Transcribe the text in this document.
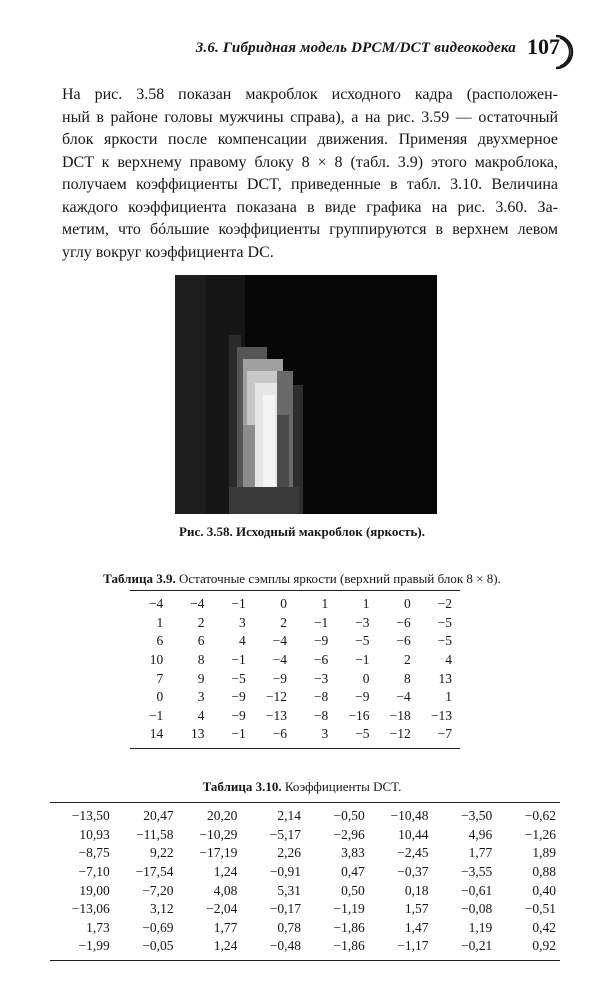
3.6. Гибридная модель DPCM/DCT видеокодека 107
На рис. 3.58 показан макроблок исходного кадра (расположен-
ный в районе головы мужчины справа), а на рис. 3.59 — остаточный
блок яркости после компенсации движения. Применяя двухмерное
DCT к верхнему правому блоку 8 × 8 (табл. 3.9) этого макроблока,
получаем коэффициенты DCT, приведенные в табл. 3.10. Величина
каждого коэффициента показана в виде графика на рис. 3.60. За-
метим, что бóльшие коэффициенты группируются в верхнем левом
углу вокруг коэффициента DC.
Рис. 3.58. Исходный макроблок (яркость).
Таблица 3.9. Остаточные сэмплы яркости (верхний правый блок 8 × 8).
−4	−4	−1	0	1	1	0	−2
1	2	3	2	−1	−3	−6	−5
6	6	4	−4	−9	−5	−6	−5
10	8	−1	−4	−6	−1	2	4
7	9	−5	−9	−3	0	8	13
0	3	−9	−12	−8	−9	−4	1
−1	4	−9	−13	−8	−16	−18	−13
14	13	−1	−6	3	−5	−12	−7
Таблица 3.10. Коэффициенты DCT.
−13,50	20,47	20,20	2,14	−0,50	−10,48	−3,50	−0,62
10,93	−11,58	−10,29	−5,17	−2,96	10,44	4,96	−1,26
−8,75	9,22	−17,19	2,26	3,83	−2,45	1,77	1,89
−7,10	−17,54	1,24	−0,91	0,47	−0,37	−3,55	0,88
19,00	−7,20	4,08	5,31	0,50	0,18	−0,61	0,40
−13,06	3,12	−2,04	−0,17	−1,19	1,57	−0,08	−0,51
1,73	−0,69	1,77	0,78	−1,86	1,47	1,19	0,42
−1,99	−0,05	1,24	−0,48	−1,86	−1,17	−0,21	0,92
